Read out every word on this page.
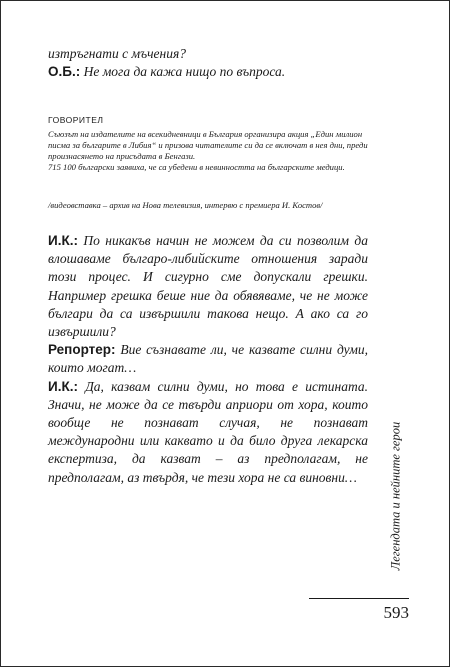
изтръгнати с мъчения?

О.Б.: Не мога да кажа нищо по въпроса.

ГОВОРИТЕЛ

Съюзът на издателите на всекидневници в България организира акция „Един милион писма за българите в Либия“ и призова читателите си да се включат в нея дни, преди произнасянето на присъдата в Бенгази.

715 100 български заявиха, че са убедени в невинността на българските медици.

/видеовставка – архив на Нова телевизия, интервю с премиера И. Костов/

И.К.: По никакъв начин не можем да си позволим да влошаваме българо-либийските отношения заради този процес. И сигурно сме допускали грешки. Например грешка беше ние да обявяваме, че не може българи да са извършили такова нещо. А ако са го извършили?

Репортер: Вие съзнавате ли, че казвате силни думи, които могат…

И.К.: Да, казвам силни думи, но това е истината. Значи, не може да се твърди априори от хора, които вообще не познават случая, не познават международни или каквато и да било друга лекарска експертиза, да казват – аз предполагам, не предполагам, аз твърдя, че тези хора не са виновни…	Легендата и нейните герои
593
